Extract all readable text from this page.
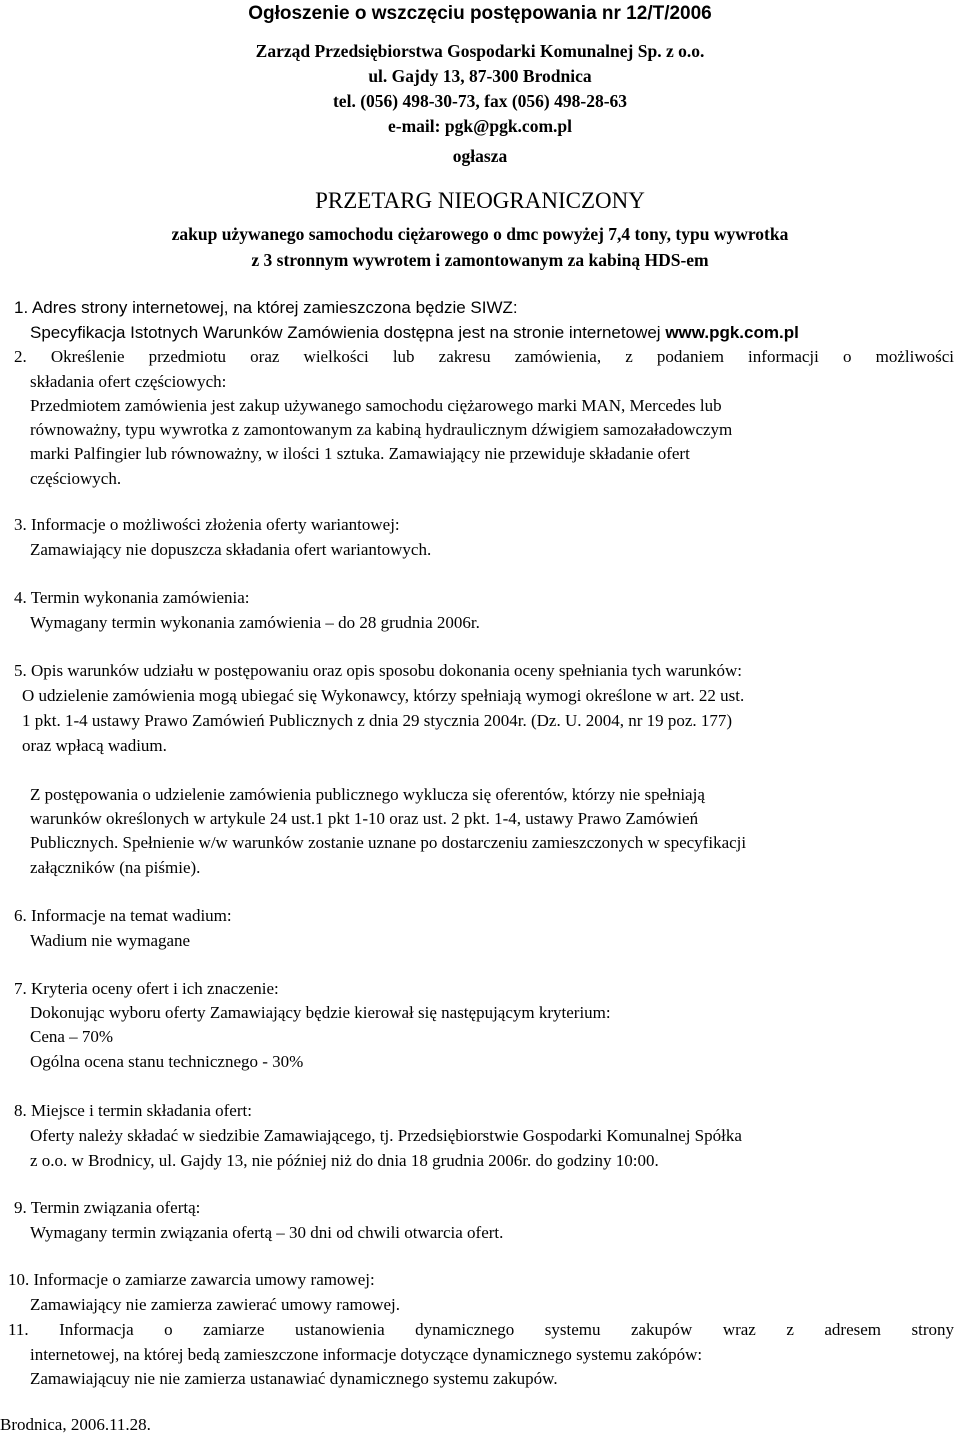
Ogłoszenie o wszczęciu postępowania nr 12/T/2006
Zarząd Przedsiębiorstwa Gospodarki Komunalnej Sp. z o.o.
ul. Gajdy 13, 87-300 Brodnica
tel. (056) 498-30-73, fax (056) 498-28-63
e-mail: pgk@pgk.com.pl
ogłasza
PRZETARG NIEOGRANICZONY
zakup używanego samochodu ciężarowego o dmc powyżej 7,4 tony, typu wywrotka
z 3 stronnym wywrotem i zamontowanym za kabiną HDS-em
1. Adres strony internetowej, na której zamieszczona będzie SIWZ:
Specyfikacja Istotnych Warunków Zamówienia dostępna jest na stronie internetowej www.pgk.com.pl
2. Określenie przedmiotu oraz wielkości lub zakresu zamówienia, z podaniem informacji o możliwości
składania ofert częściowych:
Przedmiotem zamówienia jest zakup używanego samochodu ciężarowego marki MAN, Mercedes lub
równoważny, typu wywrotka z zamontowanym za kabiną hydraulicznym dźwigiem samozaładowczym
marki Palfingier lub równoważny, w ilości 1 sztuka. Zamawiający nie przewiduje składanie ofert
częściowych.
3. Informacje o możliwości złożenia oferty wariantowej:
Zamawiający nie dopuszcza składania ofert wariantowych.
4. Termin wykonania zamówienia:
Wymagany termin wykonania zamówienia – do 28 grudnia 2006r.
5. Opis warunków udziału w postępowaniu oraz opis sposobu dokonania oceny spełniania tych warunków:
O udzielenie zamówienia mogą ubiegać się Wykonawcy, którzy spełniają wymogi określone w art. 22 ust.
1 pkt. 1-4 ustawy Prawo Zamówień Publicznych z dnia 29 stycznia 2004r. (Dz. U. 2004, nr 19 poz. 177)
oraz wpłacą wadium.
Z postępowania o udzielenie zamówienia publicznego wyklucza się oferentów, którzy nie spełniają
warunków określonych w artykule 24 ust.1 pkt 1-10 oraz ust. 2 pkt. 1-4, ustawy Prawo Zamówień
Publicznych. Spełnienie w/w warunków zostanie uznane po dostarczeniu zamieszczonych w specyfikacji
załączników (na piśmie).
6. Informacje na temat wadium:
Wadium nie wymagane
7. Kryteria oceny ofert i ich znaczenie:
Dokonując wyboru oferty Zamawiający będzie kierował się następującym kryterium:
Cena – 70%
Ogólna ocena stanu technicznego - 30%
8. Miejsce i termin składania ofert:
Oferty należy składać w siedzibie Zamawiającego, tj. Przedsiębiorstwie Gospodarki Komunalnej Spółka
z o.o. w Brodnicy, ul. Gajdy 13, nie później niż do dnia 18 grudnia 2006r. do godziny 10:00.
9. Termin związania ofertą:
Wymagany termin związania ofertą – 30 dni od chwili otwarcia ofert.
10. Informacje o zamiarze zawarcia umowy ramowej:
Zamawiający nie zamierza zawierać umowy ramowej.
11. Informacja o zamiarze ustanowienia dynamicznego systemu zakupów wraz z adresem strony
internetowej, na której bedą zamieszczone informacje dotyczące dynamicznego systemu zakópów:
Zamawiającuy nie nie zamierza ustanawiać dynamicznego systemu zakupów.
Brodnica, 2006.11.28.
